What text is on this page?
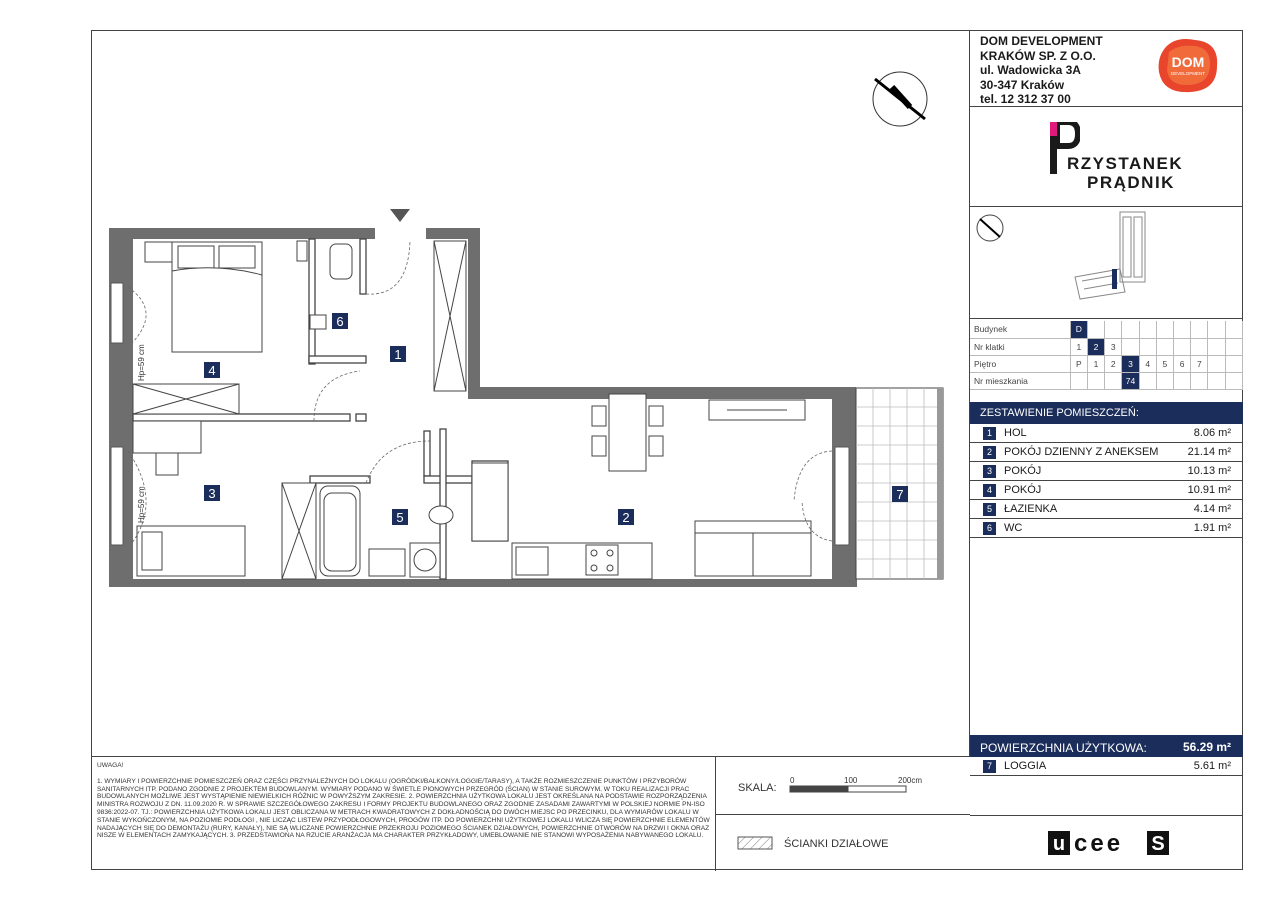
1
2
3
4
5
6
7
Hp=59 cm
Hp=59 cm
DOM DEVELOPMENT
KRAKÓW SP. Z O.O.
ul. Wadowicka 3A
30-347 Kraków
tel. 12 312 37 00
DOM
DEVELOPMENT
RZYSTANEK
PRĄDNIK
Budynek	D									
Nr klatki	1	2	3							
Piętro	P	1	2	3	4	5	6	7		
Nr mieszkania				74						
ZESTAWIENIE POMIESZCZEŃ:
1	HOL	8.06 m²
2	POKÓJ DZIENNY Z ANEKSEM	21.14 m²
3	POKÓJ	10.13 m²
4	POKÓJ	10.91 m²
5	ŁAZIENKA	4.14 m²
6	WC	1.91 m²
POWIERZCHNIA UŻYTKOWA:	56.29 m²
7	LOGGIA	5.61 m²
u cee S
UWAGA!
1. WYMIARY I POWIERZCHNIE POMIESZCZEŃ ORAZ CZĘŚCI PRZYNALEŻNYCH DO LOKALU (OGRÓDKI/BALKONY/LOGGIE/TARASY), A TAKŻE ROZMIESZCZENIE PUNKTÓW I PRZYBORÓW SANITARNYCH ITP. PODANO ZGODNIE Z PROJEKTEM BUDOWLANYM. WYMIARY PODANO W ŚWIETLE PIONOWYCH PRZEGRÓD (ŚCIAN) W STANIE SUROWYM. W TOKU REALIZACJI PRAC BUDOWLANYCH MOŻLIWE JEST WYSTĄPIENIE NIEWIELKICH RÓŻNIC W POWYŻSZYM ZAKRESIE. 2. POWIERZCHNIA UŻYTKOWA LOKALU JEST OKREŚLANA NA PODSTAWIE ROZPORZĄDZENIA MINISTRA ROZWOJU Z DN. 11.09.2020 R. W SPRAWIE SZCZEGÓŁOWEGO ZAKRESU I FORMY PROJEKTU BUDOWLANEGO ORAZ ZGODNIE ZASADAMI ZAWARTYMI W POLSKIEJ NORMIE PN-ISO 9836:2022-07. TJ.: POWIERZCHNIA UŻYTKOWA LOKALU JEST OBLICZANA W METRACH KWADRATOWYCH Z DOKŁADNOŚCIĄ DO DWÓCH MIEJSC PO PRZECINKU, DLA WYMIARÓW LOKALU W STANIE WYKOŃCZONYM, NA POZIOMIE PODŁOGI , NIE LICZĄC LISTEW PRZYPODŁOGOWYCH, PROGÓW ITP. DO POWIERZCHNI UŻYTKOWEJ LOKALU WLICZA SIĘ POWIERZCHNIE ELEMENTÓW NADAJĄCYCH SIĘ DO DEMONTAŻU (RURY, KANAŁY), NIE SĄ WLICZANE POWIERZCHNIE PRZEKROJU POZIOMEGO ŚCIANEK DZIAŁOWYCH, POWIERZCHNIE OTWORÓW NA DRZWI I OKNA ORAZ NISZE W ELEMENTACH ZAMYKAJĄCYCH. 3. PRZEDSTAWIONA NA RZUCIE ARANŻACJA MA CHARAKTER PRZYKŁADOWY, UMEBLOWANIE NIE STANOWI WYPOSAŻENIA NABYWANEGO LOKALU.
SKALA:
0	100	200cm
ŚCIANKI DZIAŁOWE
